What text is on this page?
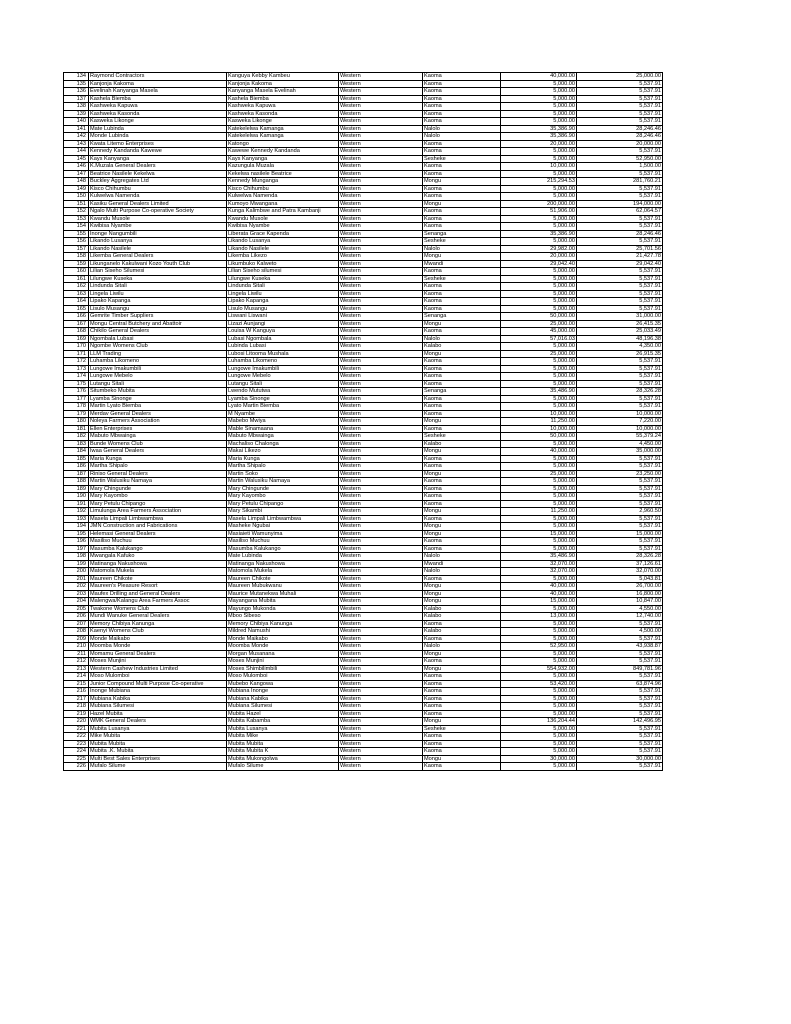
134	Raymond Contractors	Kanguya Kebby Kambeu	Western	Kaoma	40,000.00	25,000.00
135	Kanjonja Kakoma	Kanjonja Kakoma	Western	Kaoma	5,000.00	5,537.91
136	Evelinah Kanyanga Masela	Kanyanga Masela Evelinah	Western	Kaoma	5,000.00	5,537.91
137	Kashela Biemba	Kashela Biemba	Western	Kaoma	5,000.00	5,537.91
138	Kashweka Kapuwa	Kashweka Kapuwa	Western	Kaoma	5,000.00	5,537.91
139	Kashweka Kasonda	Kashweka Kasonda	Western	Kaoma	5,000.00	5,537.91
140	Kasweka Likonge	Kasweka Likonge	Western	Kaoma	5,000.00	5,537.91
141	Mate Lubinda	Katekelelwa Kamanga	Western	Nalolo	35,386.90	28,246.46
142	Monde Lubinda	Katekelelwa Kamanga	Western	Nalolo	35,386.90	28,246.46
143	Kwata Litemo Enterprises	Katongo	Western	Kaoma	20,000.00	20,000.00
144	Kennedy Kandanda Kawewe	Kawewe Kennedy Kandanda	Western	Kaoma	5,000.00	5,537.91
145	Kays Kanyanga	Kays Kanyanga	Western	Sesheke	5,000.00	52,950.00
146	K.Muzala General Dealers	Kazungula Muzala	Western	Kaoma	10,000.00	1,500.00
147	Beatrice Nasilele Kekelwa	Kekelwa nasilele Beatrice	Western	Kaoma	5,000.00	5,537.91
148	Buckley Aggregates Ltd	Kennedy Munganga	Western	Mongu	215,294.53	281,760.21
149	Kisco Chihumbu	Kisco Chihumbu	Western	Kaoma	5,000.00	5,537.91
150	Kulwelwa Namenda	Kulwelwa Namenda	Western	Kaoma	5,000.00	5,537.91
151	Kasiku General Dealers Limited	Kumoyo Mwangana	Western	Mongu	200,000.00	194,000.00
152	Ngalo Multi Purpose Co-operative Society	Kunga Kalimbwe and Patra Kambanji	Western	Kaoma	51,906.00	62,064.57
153	Kwandu Musole	Kwandu Musole	Western	Kaoma	5,000.00	5,537.91
154	Kwibisa Nyambe	Kwibisa Nyambe	Western	Kaoma	5,000.00	5,537.91
155	Inonge Nangumbili	Liberata Grace Kapenda	Western	Senanga	35,386.90	28,246.46
156	Likando Lusanya	Likando Lusanya	Western	Sesheke	5,000.00	5,537.91
157	Likando Nasilele	Likando Nasilele	Western	Nalolo	29,982.00	25,701.56
158	Likemba General Dealers	Likemba Likezo	Western	Mongu	20,000.00	21,427.78
159	Likunganelo Kakulwani Kozo Youth Club	Likumbuko Kalweto	Western	Mwandi	29,042.40	29,042.40
160	Lilian Siseho Silumesi	Lilian Siseho silumesi	Western	Kaoma	5,000.00	5,537.91
161	Lilungwe Kuseka	Lilungwe Kuseka	Western	Sesheke	5,000.00	5,537.91
162	Lindunda Sitali	Lindunda Sitali	Western	Kaoma	5,000.00	5,537.91
163	Lingela Liwilu	Lingela Liwilu	Western	Kaoma	5,000.00	5,537.91
164	Lipako Kapanga	Lipako Kapanga	Western	Kaoma	5,000.00	5,537.91
165	Lisulo Musangu	Lisulo Musangu	Western	Kaoma	5,000.00	5,537.91
166	Gemrite Timber Suppliers	Liswani Liswani	Western	Senanga	50,000.00	31,000.00
167	Mongu Central Butchery and Abattoir	Lizazi Aunjangi	Western	Mongu	25,000.00	26,415.35
168	Chikilo General Dealers	Louisa W Kanguya	Western	Kaoma	45,000.00	25,033.49
169	Ngombala Lubasi	Lubasi Ngombala	Western	Nalolo	57,016.03	48,196.38
170	Ngombe Womens Club	Lubinda Lubasi	Western	Kalabo	5,000.00	4,350.00
171	LLM Trading	Lubosi Litooma Mushala	Western	Mongu	25,000.00	26,915.35
172	Luhamba Likomeno	Luhamba Likomeno	Western	Kaoma	5,000.00	5,537.91
173	Lungowe Imakumbili	Lungowe Imakumbili	Western	Kaoma	5,000.00	5,537.91
174	Lungowe Mebelo	Lungowe Mebelo	Western	Kaoma	5,000.00	5,537.91
175	Lutangu Sitali	Lutangu Sitali	Western	Kaoma	5,000.00	5,537.91
176	Situmbeko Mubita	Lwendo Mututwa	Western	Senanga	35,486.90	28,326.28
177	Lyamba Sinonge	Lyamba Sinonge	Western	Kaoma	5,000.00	5,537.91
178	Martin Lyato Biemba	Lyato Martin Biemba	Western	Kaoma	5,000.00	5,537.91
179	Merdav General Dealers	M Nyambe	Western	Kaoma	10,000.00	10,000.00
180	Noleya Farmers Association	Mabebo Mwiya	Western	Mongu	11,250.00	7,220.00
181	Ellen Enterprises	Mable Sinamaana	Western	Kaoma	10,000.00	10,000.00
182	Mabuto Mbwainga	Mabuto Mbwainga	Western	Sesheke	50,000.00	55,379.24
183	Bunde Womens Club	Machaliso Chalonga	Western	Kalabo	5,000.00	4,450.00
184	Iwaa General Dealers	Makai Likezo	Western	Mongu	40,000.00	35,000.00
185	Maria Kunga	Maria Kunga	Western	Kaoma	5,000.00	5,537.91
186	Martha Shipalo	Martha Shipalo	Western	Kaoma	5,000.00	5,537.91
187	Riniso General Dealers	Martin Soko	Western	Mongu	25,000.00	23,250.00
188	Martin Walusiku Namaya	Martin Walusiku Namaya	Western	Kaoma	5,000.00	5,537.91
189	Mary Chingunde	Mary Chingunde	Western	Kaoma	5,000.00	5,537.91
190	Mary Kayombo	Mary Kayombo	Western	Kaoma	5,000.00	5,537.91
191	Mary Petulu Chipango	Mary Petulu Chipango	Western	Kaoma	5,000.00	5,537.91
192	Limulunga Area Farmers Association	Mary Sikambi	Western	Mongu	11,250.00	2,960.50
193	Masela Limpali Limbwambwa	Masela Limpali Limbwambwa	Western	Kaoma	5,000.00	5,537.91
194	JMN Construction and Fabrications	Masheke Ngubai	Western	Mongu	5,000.00	5,537.91
195	Helemasi General Dealers	Masiaieti Wamunyima	Western	Mongu	15,000.00	15,000.00
196	Masiliso Muchuu	Masiliso Muchuu	Western	Kaoma	5,000.00	5,537.91
197	Masumba Kalukango	Masumba Kalukango	Western	Kaoma	5,000.00	5,537.91
198	Mwangala Kafuko	Mate Lubinda	Western	Nalolo	35,486.90	28,326.28
199	Matinanga Nakushowa	Matinanga Nakushowa	Western	Mwandi	32,070.00	37,126.61
200	Matomola Mukela	Matomola Mukela	Western	Nalolo	32,070.00	32,070.00
201	Maureen Chikote	Maureen Chikote	Western	Kaoma	5,000.00	5,043.81
202	Maureen's Pleasure Resort	Maureen Mubukwanu	Western	Mongu	40,000.00	26,700.00
203	Maufex Drilling and General Dealers	Maurice Mutanekwa Muhali	Western	Mongu	40,000.00	16,800.00
204	Malengwa/Kalangu Area Farmers Assoc	Mayangana Mubita	Western	Mongu	15,000.00	10,847.00
205	Twakone Womens Club	Mayungo Mukonda	Western	Kalabo	5,000.00	4,550.00
206	Mundi Wanuke General Dealers	Mboo Sibeso	Western	Kalabo	13,000.00	12,740.00
207	Memory Chibiya Kanunga	Memory Chibiya Kanunga	Western	Kaoma	5,000.00	5,537.91
208	Kaenyi Womens Club	Mildred Namushi	Western	Kalabo	5,000.00	4,500.00
209	Monde Maikabo	Monde Maikabo	Western	Kaoma	5,000.00	5,537.91
210	Moomba Monde	Moomba Monde	Western	Nalolo	52,950.00	43,938.87
211	Momamu General Dealers	Morgan Musanana	Western	Mongu	5,000.00	5,537.91
212	Moses Munjini	Moses Munjini	Western	Kaoma	5,000.00	5,537.91
213	Western Cashew Industries Limited	Moses Shimbilimbili	Western	Mongu	554,932.00	849,781.96
214	Moso Mulomboi	Moso Mulomboi	Western	Kaoma	5,000.00	5,537.91
215	Junior Compound Multi Purpose Co-operative	Mubebo Kangowa	Western	Kaoma	53,420.00	63,874.96
216	Inonge Mubiana	Mubiana Inonge	Western	Kaoma	5,000.00	5,537.91
217	Mubiana Kabika	Mubiana Kabika	Western	Kaoma	5,000.00	5,537.91
218	Mubiana Silumesi	Mubiana Silumesi	Western	Kaoma	5,000.00	5,537.91
219	Hazel Mubita	Mubita Hazel	Western	Kaoma	5,000.00	5,537.91
220	WMK General Dealers	Mubita Kabamba	Western	Mongu	136,204.44	142,496.95
221	Mubita Lusanya	Mubita Lusanya	Western	Sesheke	5,000.00	5,537.91
222	Mike Mubita	Mubita Mike	Western	Kaoma	5,000.00	5,537.91
223	Mubita Mubita	Mubita Mubita	Western	Kaoma	5,000.00	5,537.91
224	Mubita .K. Mubita	Mubita Mubita K	Western	Kaoma	5,000.00	5,537.91
225	Multi Best Sales Enterprises	Mubita Mukongolwa	Western	Mongu	30,000.00	30,000.00
226	Mufalo Silume	Mufalo Silume	Western	Kaoma	5,000.00	5,537.91
